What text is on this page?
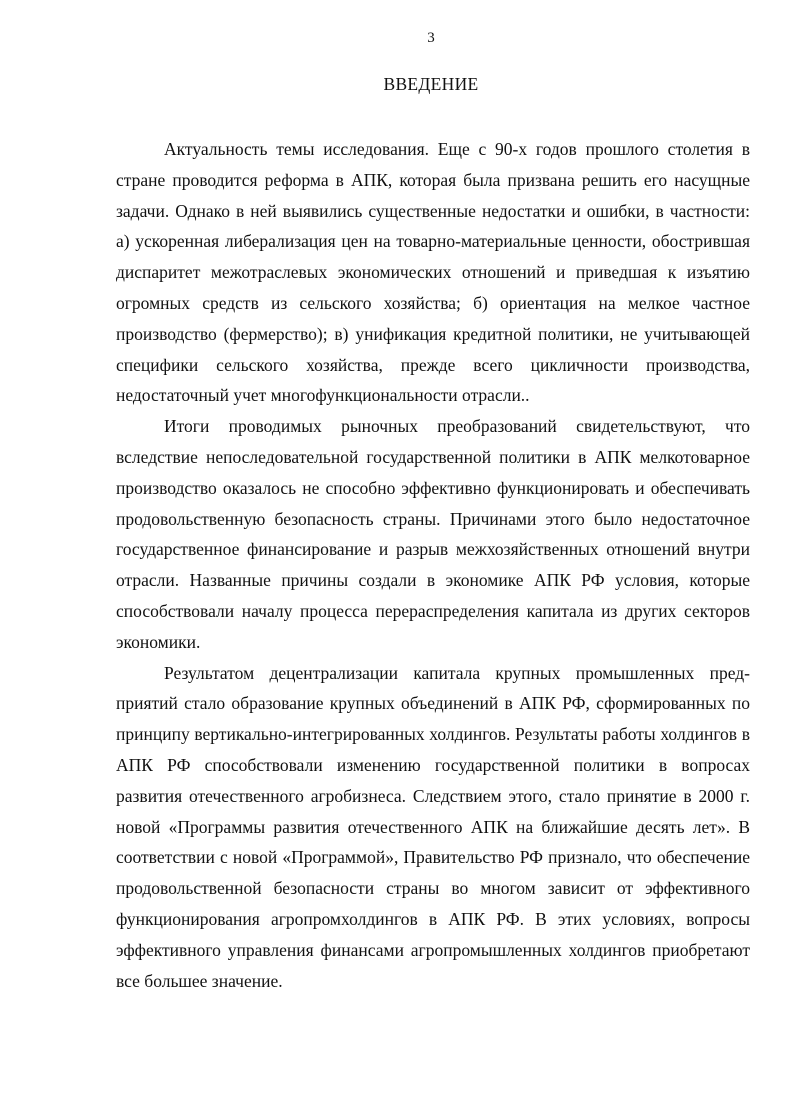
3
ВВЕДЕНИЕ

Актуальность темы исследования. Еще с 90-х годов прошлого столетия в стране проводится реформа в АПК, которая была призвана решить его насущные задачи. Однако в ней выявились существенные недостатки и ошибки, в частности: а) ускоренная либерализация цен на товарно-материальные ценности, обострившая диспаритет межотраслевых экономических отношений и приведшая к изъятию огромных средств из сельского хозяйства; б) ориентация на мелкое частное производство (фермерство); в) унификация кредитной политики, не учитывающей специфики сельского хозяйства, прежде всего цикличности производства, недостаточный учет многофункциональности отрасли..

Итоги проводимых рыночных преобразований свидетельствуют, что вследствие непоследовательной государственной политики в АПК мелкотоварное производство оказалось не способно эффективно функционировать и обеспечивать продовольственную безопасность страны. Причинами этого было недостаточное государственное финансирование и разрыв межхозяйственных отношений внутри отрасли. Названные причины создали в экономике АПК РФ условия, которые способствовали началу процесса перераспределения капитала из других секторов экономики.

Результатом децентрализации капитала крупных промышленных предприятий стало образование крупных объединений в АПК РФ, сформированных по принципу вертикально-интегрированных холдингов. Результаты работы холдингов в АПК РФ способствовали изменению государственной политики в вопросах развития отечественного агробизнеса. Следствием этого, стало принятие в 2000 г. новой «Программы развития отечественного АПК на ближайшие десять лет». В соответствии с новой «Программой», Правительство РФ признало, что обеспечение продовольственной безопасности страны во многом зависит от эффективного функционирования агропромхолдингов в АПК РФ. В этих условиях, вопросы эффективного управления финансами агропромышленных холдингов приобретают все большее значение.
